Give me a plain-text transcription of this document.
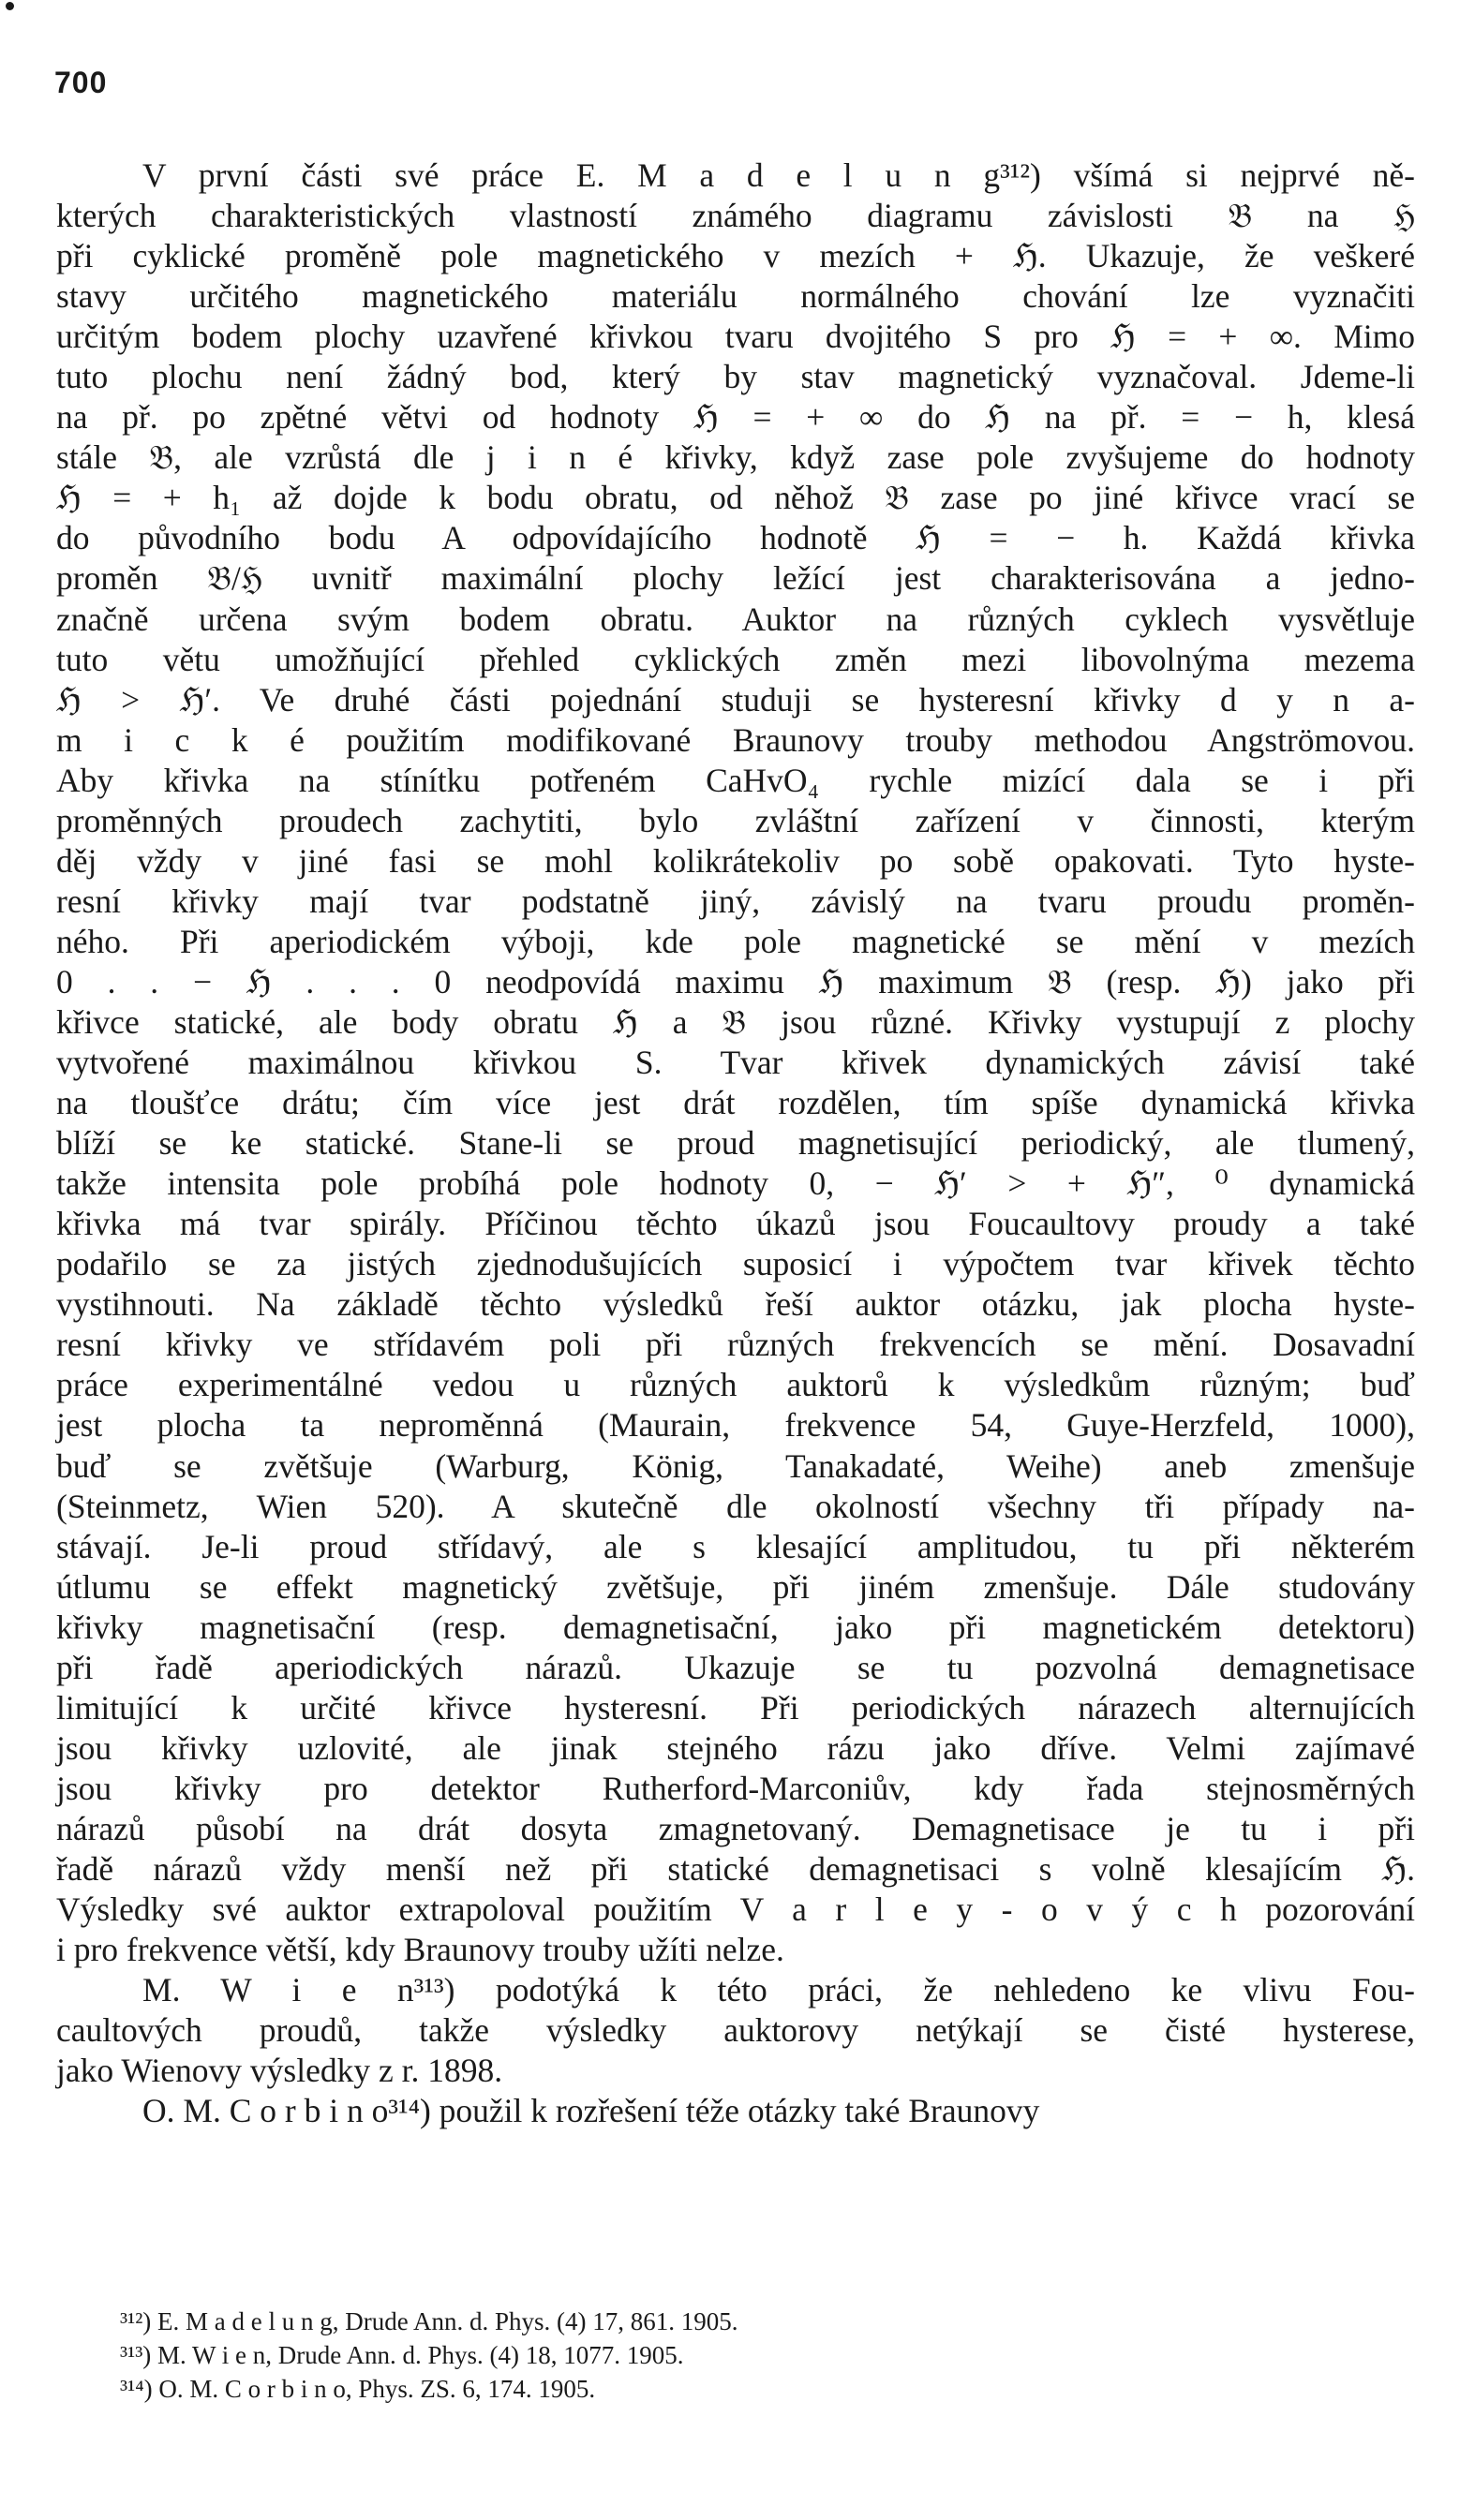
700
V první části své práce E. M a d e l u n g³¹²) všímá si nejprvé ně-
kterých charakteristických vlastností známého diagramu závislosti 𝔅 na ℌ
při cyklické proměně pole magnetického v mezích + ℌ. Ukazuje, že veškeré
stavy určitého magnetického materiálu normálného chování lze vyznačiti
určitým bodem plochy uzavřené křivkou tvaru dvojitého S pro ℌ = + ∞. Mimo
tuto plochu není žádný bod, který by stav magnetický vyznačoval. Jdeme-li
na př. po zpětné větvi od hodnoty ℌ = + ∞ do ℌ na př. = − h, klesá
stále 𝔅, ale vzrůstá dle j i n é křivky, když zase pole zvyšujeme do hodnoty
ℌ = + h₁ až dojde k bodu obratu, od něhož 𝔅 zase po jiné křivce vrací se
do původního bodu A odpovídajícího hodnotě ℌ = − h. Každá křivka
proměn 𝔅/ℌ uvnitř maximální plochy ležící jest charakterisována a jedno-
značně určena svým bodem obratu. Auktor na různých cyklech vysvětluje
tuto větu umožňující přehled cyklických změn mezi libovolnýma mezema
ℌ > ℌ′. Ve druhé části pojednání studuji se hysteresní křivky d y n a-
m i c k é použitím modifikované Braunovy trouby methodou Angströmovou.
Aby křivka na stínítku potřeném CaHvO₄ rychle mizící dala se i při
proměnných proudech zachytiti, bylo zvláštní zařízení v činnosti, kterým
děj vždy v jiné fasi se mohl kolikrátekoliv po sobě opakovati. Tyto hyste-
resní křivky mají tvar podstatně jiný, závislý na tvaru proudu proměn-
ného. Při aperiodickém výboji, kde pole magnetické se mění v mezích
0 . . − ℌ . . . 0 neodpovídá maximu ℌ maximum 𝔅 (resp. ℌ) jako při
křivce statické, ale body obratu ℌ a 𝔅 jsou různé. Křivky vystupují z plochy
vytvořené maximálnou křivkou S. Tvar křivek dynamických závisí také
na tloušťce drátu; čím více jest drát rozdělen, tím spíše dynamická křivka
blíží se ke statické. Stane-li se proud magnetisující periodický, ale tlumený,
takže intensita pole probíhá pole hodnoty 0, − ℌ′ > + ℌ″, ⁰ dynamická
křivka má tvar spirály. Příčinou těchto úkazů jsou Foucaultovy proudy a také
podařilo se za jistých zjednodušujících suposicí i výpočtem tvar křivek těchto
vystihnouti. Na základě těchto výsledků řeší auktor otázku, jak plocha hyste-
resní křivky ve střídavém poli při různých frekvencích se mění. Dosavadní
práce experimentálné vedou u různých auktorů k výsledkům různým; buď
jest plocha ta neproměnná (Maurain, frekvence 54, Guye-Herzfeld, 1000),
buď se zvětšuje (Warburg, König, Tanakadaté, Weihe) aneb zmenšuje
(Steinmetz, Wien 520). A skutečně dle okolností všechny tři případy na-
stávají. Je-li proud střídavý, ale s klesající amplitudou, tu při některém
útlumu se effekt magnetický zvětšuje, při jiném zmenšuje. Dále studovány
křivky magnetisační (resp. demagnetisační, jako při magnetickém detektoru)
při řadě aperiodických nárazů. Ukazuje se tu pozvolná demagnetisace
limitující k určité křivce hysteresní. Při periodických nárazech alternujících
jsou křivky uzlovité, ale jinak stejného rázu jako dříve. Velmi zajímavé
jsou křivky pro detektor Rutherford-Marconiův, kdy řada stejnosměrných
nárazů působí na drát dosyta zmagnetovaný. Demagnetisace je tu i při
řadě nárazů vždy menší než při statické demagnetisaci s volně klesajícím ℌ.
Výsledky své auktor extrapoloval použitím V a r l e y - o v ý c h pozorování
i pro frekvence větší, kdy Braunovy trouby užíti nelze.
M. W i e n³¹³) podotýká k této práci, že nehledeno ke vlivu Fou-
caultových proudů, takže výsledky auktorovy netýkají se čisté hysterese,
jako Wienovy výsledky z r. 1898.
O. M. C o r b i n o³¹⁴) použil k rozřešení téže otázky také Braunovy
³¹²) E. M a d e l u n g, Drude Ann. d. Phys. (4) 17, 861. 1905.
³¹³) M. W i e n, Drude Ann. d. Phys. (4) 18, 1077. 1905.
³¹⁴) O. M. C o r b i n o, Phys. ZS. 6, 174. 1905.
